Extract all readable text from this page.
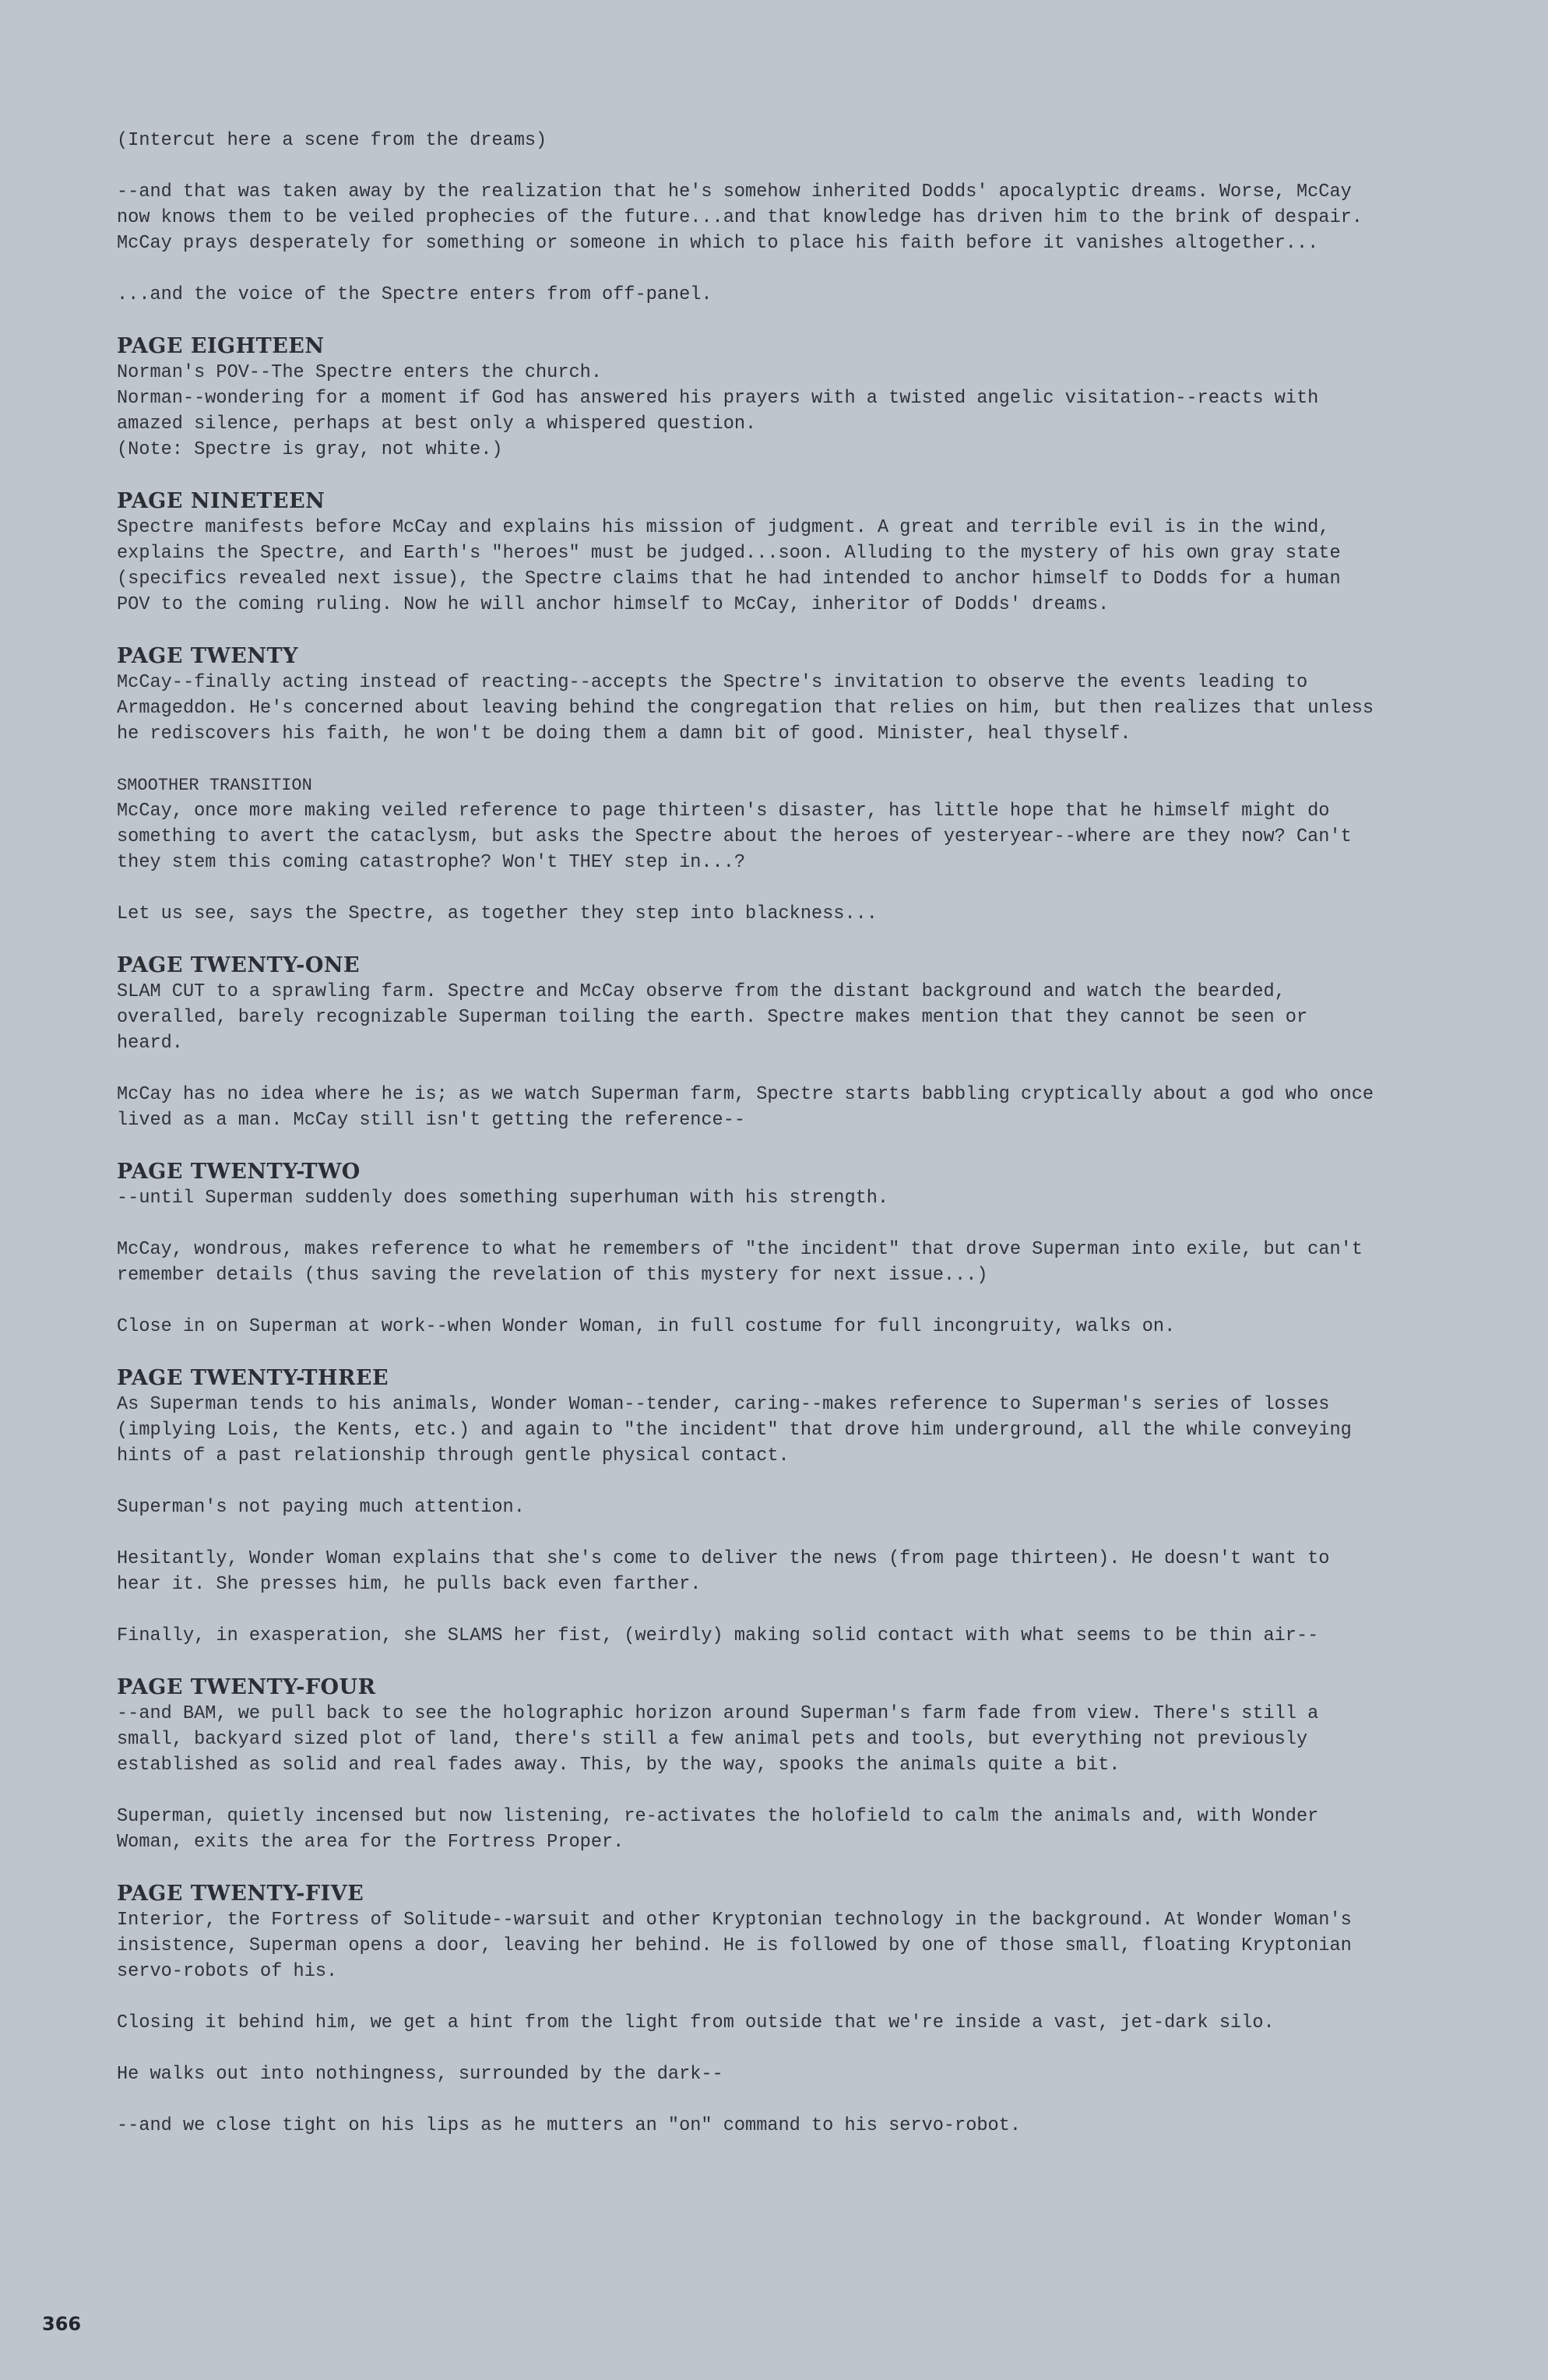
(Intercut here a scene from the dreams)

--and that was taken away by the realization that he's somehow inherited Dodds' apocalyptic dreams. Worse, McCay now knows them to be veiled prophecies of the future...and that knowledge has driven him to the brink of despair. McCay prays desperately for something or someone in which to place his faith before it vanishes altogether...

...and the voice of the Spectre enters from off-panel.

PAGE EIGHTEEN
Norman's POV--The Spectre enters the church.
Norman--wondering for a moment if God has answered his prayers with a twisted angelic visitation--reacts with amazed silence, perhaps at best only a whispered question.
(Note: Spectre is gray, not white.)
PAGE NINETEEN

Spectre manifests before McCay and explains his mission of judgment. A great and terrible evil is in the wind, explains the Spectre, and Earth's "heroes" must be judged...soon. Alluding to the mystery of his own gray state (specifics revealed next issue), the Spectre claims that he had intended to anchor himself to Dodds for a human POV to the coming ruling. Now he will anchor himself to McCay, inheritor of Dodds' dreams.

PAGE TWENTY

McCay--finally acting instead of reacting--accepts the Spectre's invitation to observe the events leading to Armageddon. He's concerned about leaving behind the congregation that relies on him, but then realizes that unless he rediscovers his faith, he won't be doing them a damn bit of good. Minister, heal thyself.

SMOOTHER TRANSITION

McCay, once more making veiled reference to page thirteen's disaster, has little hope that he himself might do something to avert the cataclysm, but asks the Spectre about the heroes of yesteryear--where are they now? Can't they stem this coming catastrophe? Won't THEY step in...?

Let us see, says the Spectre, as together they step into blackness...

PAGE TWENTY-ONE

SLAM CUT to a sprawling farm. Spectre and McCay observe from the distant background and watch the bearded, overalled, barely recognizable Superman toiling the earth. Spectre makes mention that they cannot be seen or heard.

McCay has no idea where he is; as we watch Superman farm, Spectre starts babbling cryptically about a god who once lived as a man. McCay still isn't getting the reference--

PAGE TWENTY-TWO

--until Superman suddenly does something superhuman with his strength.

McCay, wondrous, makes reference to what he remembers of "the incident" that drove Superman into exile, but can't remember details (thus saving the revelation of this mystery for next issue...)

Close in on Superman at work--when Wonder Woman, in full costume for full incongruity, walks on.

PAGE TWENTY-THREE

As Superman tends to his animals, Wonder Woman--tender, caring--makes reference to Superman's series of losses (implying Lois, the Kents, etc.) and again to "the incident" that drove him underground, all the while conveying hints of a past relationship through gentle physical contact.

Superman's not paying much attention.

Hesitantly, Wonder Woman explains that she's come to deliver the news (from page thirteen). He doesn't want to hear it. She presses him, he pulls back even farther.

Finally, in exasperation, she SLAMS her fist, (weirdly) making solid contact with what seems to be thin air--

PAGE TWENTY-FOUR

--and BAM, we pull back to see the holographic horizon around Superman's farm fade from view. There's still a small, backyard sized plot of land, there's still a few animal pets and tools, but everything not previously established as solid and real fades away. This, by the way, spooks the animals quite a bit.

Superman, quietly incensed but now listening, re-activates the holofield to calm the animals and, with Wonder Woman, exits the area for the Fortress Proper.

PAGE TWENTY-FIVE

Interior, the Fortress of Solitude--warsuit and other Kryptonian technology in the background. At Wonder Woman's insistence, Superman opens a door, leaving her behind. He is followed by one of those small, floating Kryptonian servo-robots of his.

Closing it behind him, we get a hint from the light from outside that we're inside a vast, jet-dark silo.

He walks out into nothingness, surrounded by the dark--

--and we close tight on his lips as he mutters an "on" command to his servo-robot.

366
